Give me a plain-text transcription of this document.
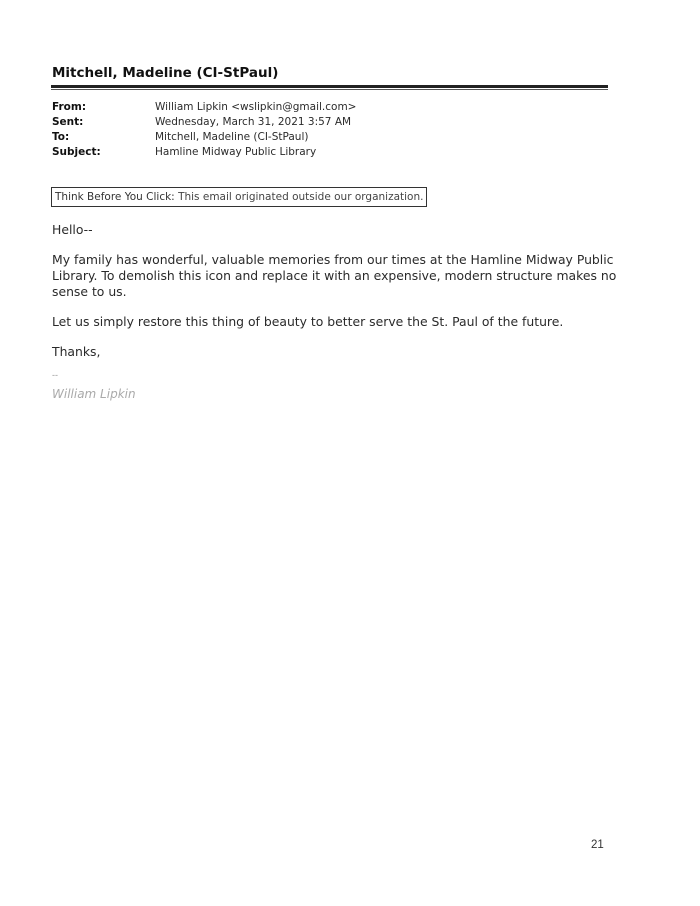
Mitchell, Madeline (CI-StPaul)
From:	William Lipkin <wslipkin@gmail.com>
Sent:	Wednesday, March 31, 2021 3:57 AM
To:	Mitchell, Madeline (CI-StPaul)
Subject:	Hamline Midway Public Library
Think Before You Click: This email originated outside our organization.

Hello--

My family has wonderful, valuable memories from our times at the Hamline Midway Public Library. To demolish this icon and replace it with an expensive, modern structure makes no sense to us.

Let us simply restore this thing of beauty to better serve the St. Paul of the future.

Thanks,

--
William Lipkin
21
